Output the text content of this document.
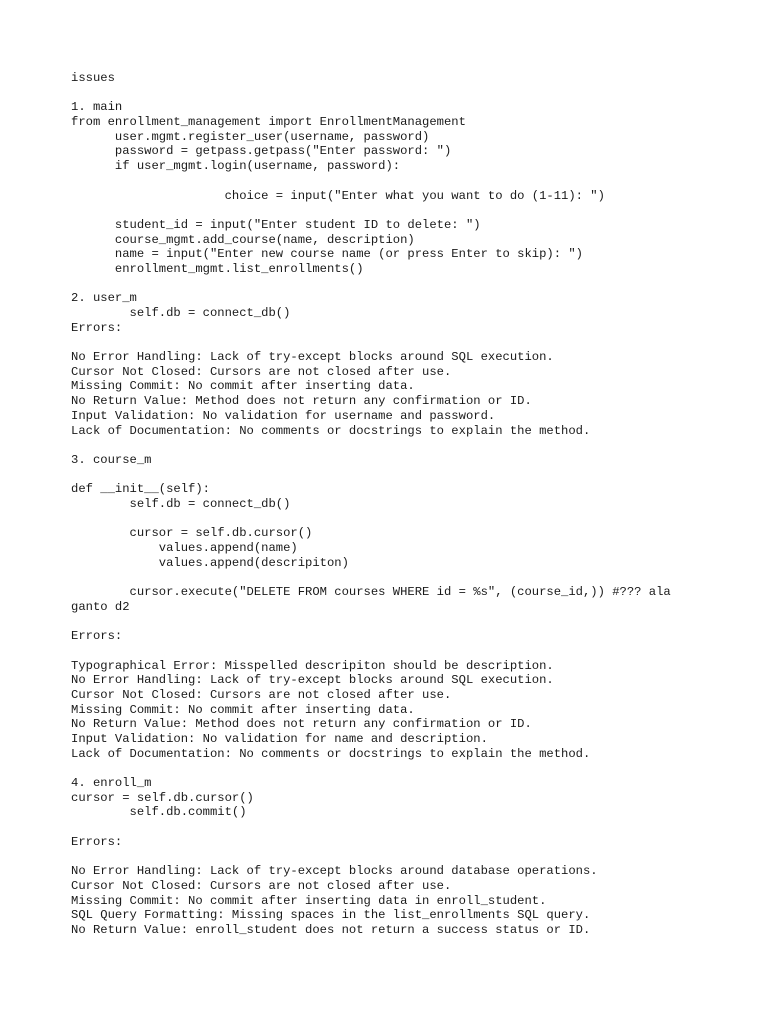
issues
1. main
from enrollment_management import EnrollmentManagement
user.mgmt.register_user(username, password)
password = getpass.getpass("Enter password: ")
if user_mgmt.login(username, password):
choice = input("Enter what you want to do (1-11): ")
student_id = input("Enter student ID to delete: ")
course_mgmt.add_course(name, description)
name = input("Enter new course name (or press Enter to skip): ")
enrollment_mgmt.list_enrollments()
2. user_m
self.db = connect_db()
Errors:
No Error Handling: Lack of try-except blocks around SQL execution.
Cursor Not Closed: Cursors are not closed after use.
Missing Commit: No commit after inserting data.
No Return Value: Method does not return any confirmation or ID.
Input Validation: No validation for username and password.
Lack of Documentation: No comments or docstrings to explain the method.
3. course_m
def __init__(self):
self.db = connect_db()
cursor = self.db.cursor()
values.append(name)
values.append(descripiton)
cursor.execute("DELETE FROM courses WHERE id = %s", (course_id,)) #??? ala
ganto d2
Errors:
Typographical Error: Misspelled descripiton should be description.
No Error Handling: Lack of try-except blocks around SQL execution.
Cursor Not Closed: Cursors are not closed after use.
Missing Commit: No commit after inserting data.
No Return Value: Method does not return any confirmation or ID.
Input Validation: No validation for name and description.
Lack of Documentation: No comments or docstrings to explain the method.
4. enroll_m
cursor = self.db.cursor()
self.db.commit()
Errors:
No Error Handling: Lack of try-except blocks around database operations.
Cursor Not Closed: Cursors are not closed after use.
Missing Commit: No commit after inserting data in enroll_student.
SQL Query Formatting: Missing spaces in the list_enrollments SQL query.
No Return Value: enroll_student does not return a success status or ID.
